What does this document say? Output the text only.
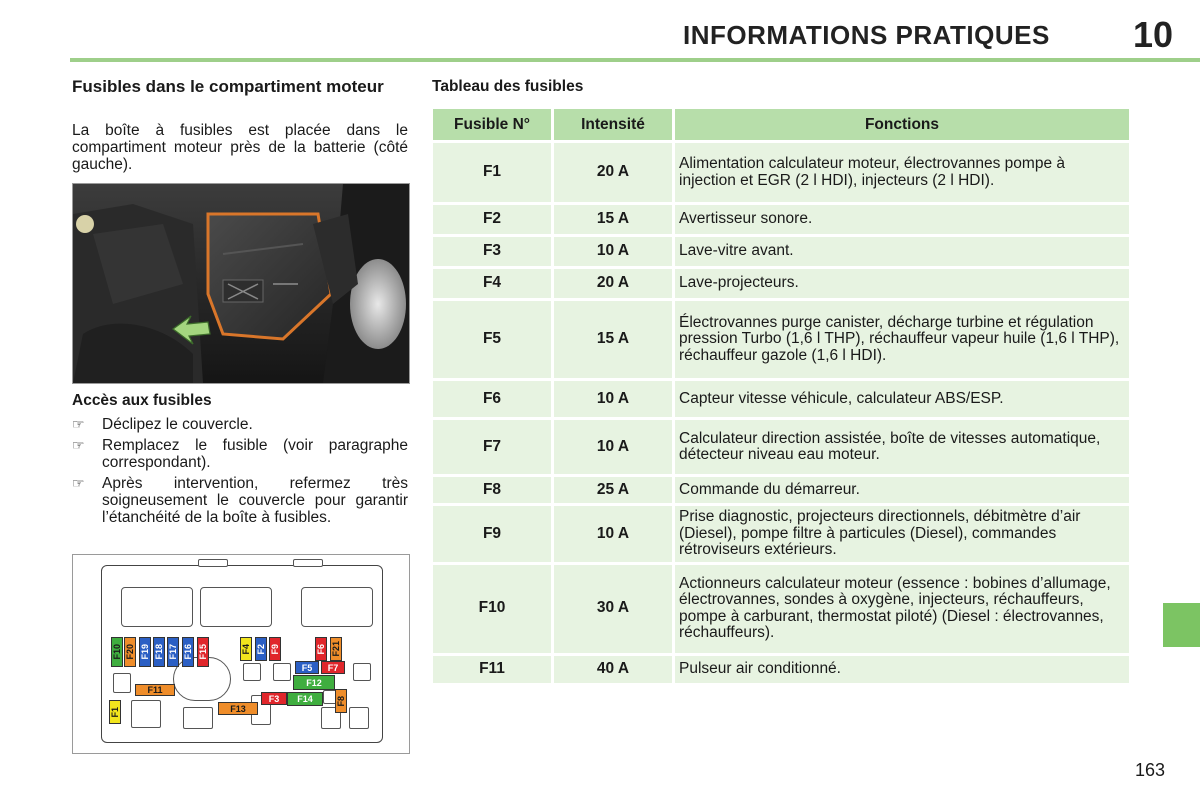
INFORMATIONS PRATIQUES 10
Fusibles dans le compartiment moteur
La boîte à fusibles est placée dans le compartiment moteur près de la batterie (côté gauche).
Accès aux fusibles
☞ Déclipez le couvercle.
☞ Remplacez le fusible (voir paragraphe correspondant).
☞ Après intervention, refermez très soigneusement le couvercle pour garantir l’étanchéité de la boîte à fusibles.
F10 F20 F19 F18 F17 F16 F15	F4 F2 F9	F6 F21
F5 F7
F12
F11
F3 F14	F8
F1	F13
Tableau des fusibles
Fusible N°	Intensité	Fonctions
F1	20 A	Alimentation calculateur moteur, électrovannes pompe à injection et EGR (2 l HDI), injecteurs (2 l HDI).
F2	15 A	Avertisseur sonore.
F3	10 A	Lave-vitre avant.
F4	20 A	Lave-projecteurs.
F5	15 A	Électrovannes purge canister, décharge turbine et régulation pression Turbo (1,6 l THP), réchauffeur vapeur huile (1,6 l THP), réchauffeur gazole (1,6 l HDI).
F6	10 A	Capteur vitesse véhicule, calculateur ABS/ESP.
F7	10 A	Calculateur direction assistée, boîte de vitesses automatique, détecteur niveau eau moteur.
F8	25 A	Commande du démarreur.
F9	10 A	Prise diagnostic, projecteurs directionnels, débitmètre d’air (Diesel), pompe filtre à particules (Diesel), commandes rétroviseurs extérieurs.
F10	30 A	Actionneurs calculateur moteur (essence : bobines d’allumage, électrovannes, sondes à oxygène, injecteurs, réchauffeurs, pompe à carburant, thermostat piloté) (Diesel : électrovannes, réchauffeurs).
F11	40 A	Pulseur air conditionné.
163
